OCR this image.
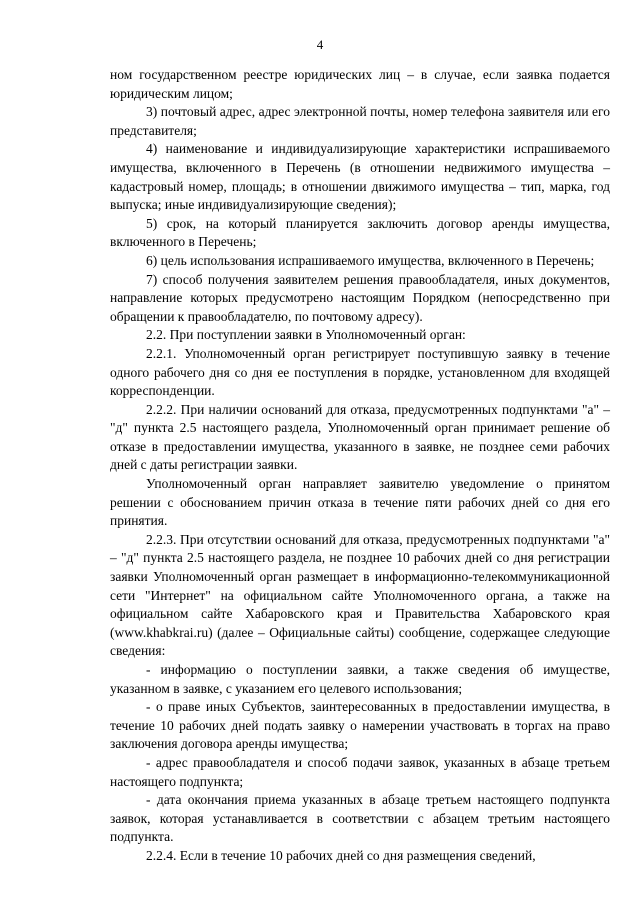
4

ном государственном реестре юридических лиц – в случае, если заявка подается юридическим лицом;

3) почтовый адрес, адрес электронной почты, номер телефона заявителя или его представителя;

4) наименование и индивидуализирующие характеристики испрашиваемого имущества, включенного в Перечень (в отношении недвижимого имущества – кадастровый номер, площадь; в отношении движимого имущества – тип, марка, год выпуска; иные индивидуализирующие сведения);

5) срок, на который планируется заключить договор аренды имущества, включенного в Перечень;

6) цель использования испрашиваемого имущества, включенного в Перечень;

7) способ получения заявителем решения правообладателя, иных документов, направление которых предусмотрено настоящим Порядком (непосредственно при обращении к правообладателю, по почтовому адресу).

2.2. При поступлении заявки в Уполномоченный орган:

2.2.1. Уполномоченный орган регистрирует поступившую заявку в течение одного рабочего дня со дня ее поступления в порядке, установленном для входящей корреспонденции.

2.2.2. При наличии оснований для отказа, предусмотренных подпунктами "а" – "д" пункта 2.5 настоящего раздела, Уполномоченный орган принимает решение об отказе в предоставлении имущества, указанного в заявке, не позднее семи рабочих дней с даты регистрации заявки.

Уполномоченный орган направляет заявителю уведомление о принятом решении с обоснованием причин отказа в течение пяти рабочих дней со дня его принятия.

2.2.3. При отсутствии оснований для отказа, предусмотренных подпунктами "а" – "д" пункта 2.5 настоящего раздела, не позднее 10 рабочих дней со дня регистрации заявки Уполномоченный орган размещает в информационно-телекоммуникационной сети "Интернет" на официальном сайте Уполномоченного органа, а также на официальном сайте Хабаровского края и Правительства Хабаровского края (www.khabkrai.ru) (далее – Официальные сайты) сообщение, содержащее следующие сведения:

- информацию о поступлении заявки, а также сведения об имуществе, указанном в заявке, с указанием его целевого использования;

- о праве иных Субъектов, заинтересованных в предоставлении имущества, в течение 10 рабочих дней подать заявку о намерении участвовать в торгах на право заключения договора аренды имущества;

- адрес правообладателя и способ подачи заявок, указанных в абзаце третьем настоящего подпункта;

- дата окончания приема указанных в абзаце третьем настоящего подпункта заявок, которая устанавливается в соответствии с абзацем третьим настоящего подпункта.

2.2.4. Если в течение 10 рабочих дней со дня размещения сведений,
